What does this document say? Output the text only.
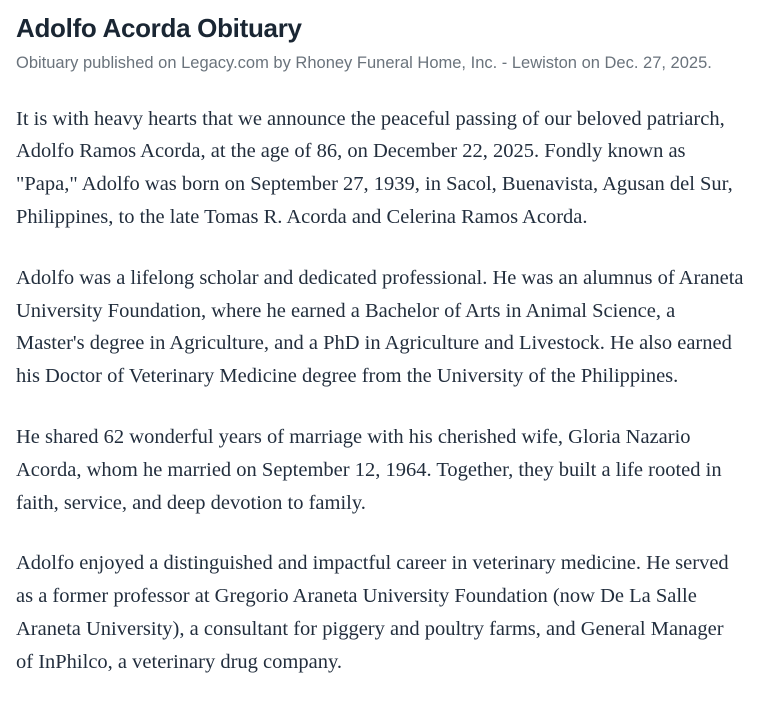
Adolfo Acorda Obituary
Obituary published on Legacy.com by Rhoney Funeral Home, Inc. - Lewiston on Dec. 27, 2025.

It is with heavy hearts that we announce the peaceful passing of our beloved patriarch, Adolfo Ramos Acorda, at the age of 86, on December 22, 2025. Fondly known as "Papa," Adolfo was born on September 27, 1939, in Sacol, Buenavista, Agusan del Sur, Philippines, to the late Tomas R. Acorda and Celerina Ramos Acorda.

Adolfo was a lifelong scholar and dedicated professional. He was an alumnus of Araneta University Foundation, where he earned a Bachelor of Arts in Animal Science, a Master's degree in Agriculture, and a PhD in Agriculture and Livestock. He also earned his Doctor of Veterinary Medicine degree from the University of the Philippines.

He shared 62 wonderful years of marriage with his cherished wife, Gloria Nazario Acorda, whom he married on September 12, 1964. Together, they built a life rooted in faith, service, and deep devotion to family.

Adolfo enjoyed a distinguished and impactful career in veterinary medicine. He served as a former professor at Gregorio Araneta University Foundation (now De La Salle Araneta University), a consultant for piggery and poultry farms, and General Manager of InPhilco, a veterinary drug company.
